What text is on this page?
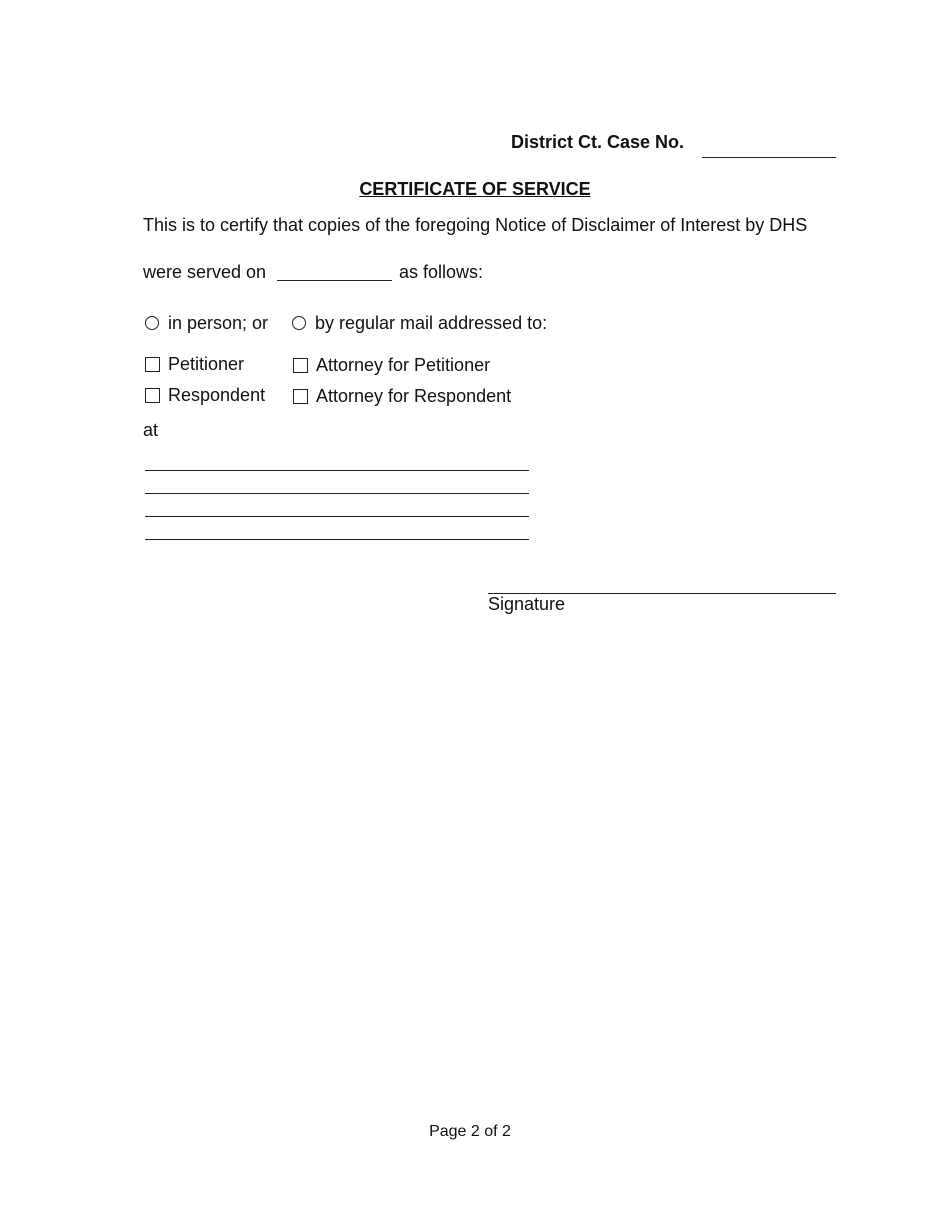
District Ct. Case No.
CERTIFICATE OF SERVICE
This is to certify that copies of the foregoing Notice of Disclaimer of Interest by DHS
were served on	as follows:
in person; or	by regular mail addressed to:
Petitioner	Attorney for Petitioner
Respondent	Attorney for Respondent
at
Signature
Page 2 of 2
